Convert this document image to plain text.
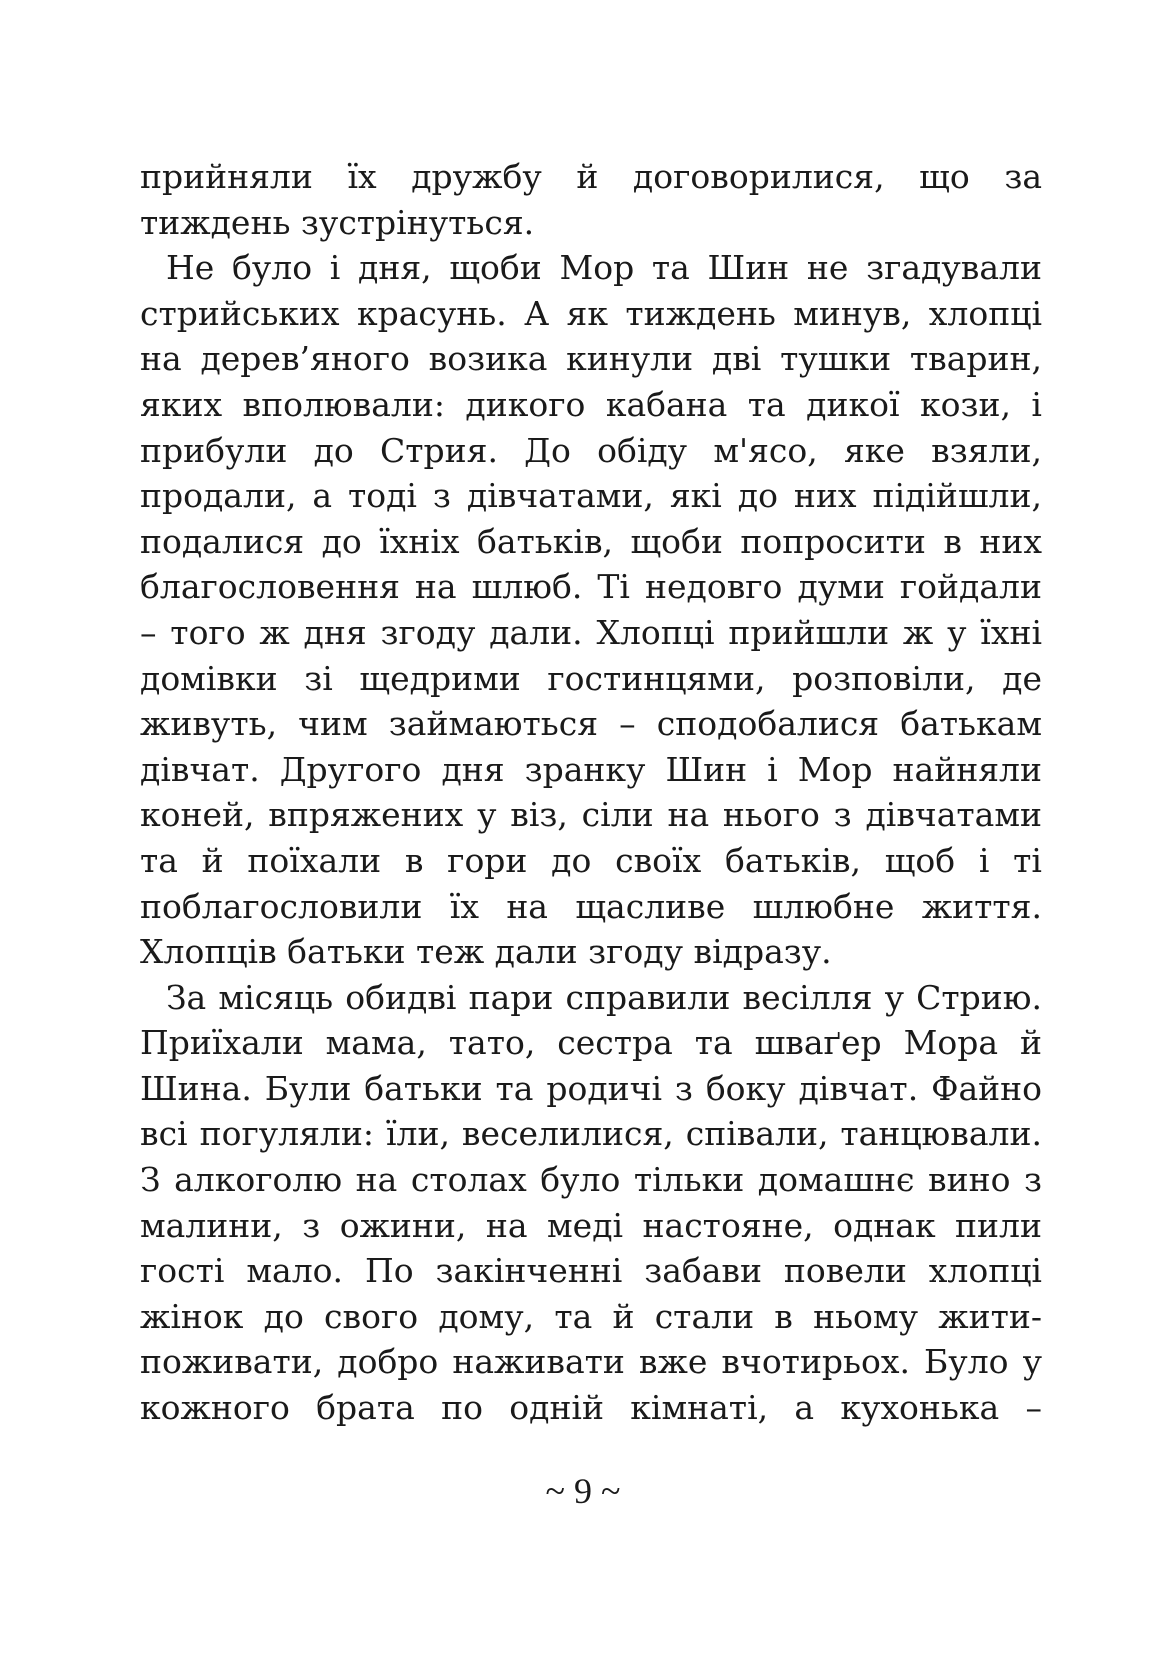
прийняли їх дружбу й договорилися, що за
тиждень зустрінуться.
Не було і дня, щоби Мор та Шин не згадували
стрийських красунь. А як тиждень минув, хлопці
на дерев’яного возика кинули дві тушки тварин,
яких вполювали: дикого кабана та дикої кози, і
прибули до Стрия. До обіду м'ясо, яке взяли,
продали, а тоді з дівчатами, які до них підійшли,
подалися до їхніх батьків, щоби попросити в них
благословення на шлюб. Ті недовго думи гойдали
– того ж дня згоду дали. Хлопці прийшли ж у їхні
домівки зі щедрими гостинцями, розповіли, де
живуть, чим займаються – сподобалися батькам
дівчат. Другого дня зранку Шин і Мор найняли
коней, впряжених у віз, сіли на нього з дівчатами
та й поїхали в гори до своїх батьків, щоб і ті
поблагословили їх на щасливе шлюбне життя.
Хлопців батьки теж дали згоду відразу.
За місяць обидві пари справили весілля у Стрию.
Приїхали мама, тато, сестра та шваґер Мора й
Шина. Були батьки та родичі з боку дівчат. Файно
всі погуляли: їли, веселилися, співали, танцювали.
З алкоголю на столах було тільки домашнє вино з
малини, з ожини, на меді настояне, однак пили
гості мало. По закінченні забави повели хлопці
жінок до свого дому, та й стали в ньому жити-
поживати, добро наживати вже вчотирьох. Було у
кожного брата по одній кімнаті, а кухонька –
~ 9 ~
